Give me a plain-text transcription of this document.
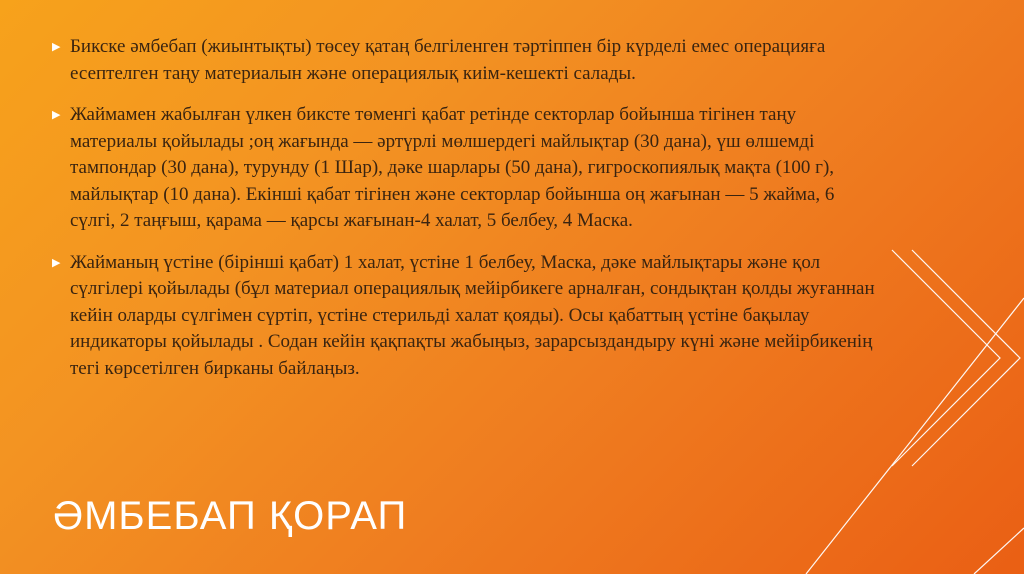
▶ Бикске әмбебап (жиынтықты) төсеу қатаң белгіленген тәртіппен бір күрделі емес операцияға есептелген таңу материалын және операциялық киім-кешекті салады.
▶ Жаймамен жабылған үлкен биксте төменгі қабат ретінде секторлар бойынша тігінен таңу материалы қойылады ;оң жағында — әртүрлі мөлшердегі майлықтар (30 дана), үш өлшемді тампондар (30 дана), турунду (1 Шар), дәке шарлары (50 дана), гигроскопиялық мақта (100 г), майлықтар (10 дана). Екінші қабат тігінен және секторлар бойынша оң жағынан — 5 жайма, 6 сүлгі, 2 таңғыш, қарама — қарсы жағынан-4 халат, 5 белбеу, 4 Маска.
▶ Жайманың үстіне (бірінші қабат) 1 халат, үстіне 1 белбеу, Маска, дәке майлықтары және қол сүлгілері қойылады (бұл материал операциялық мейірбикеге арналған, сондықтан қолды жуғаннан кейін оларды сүлгімен сүртіп, үстіне стерильді халат қояды). Осы қабаттың үстіне бақылау индикаторы қойылады . Содан кейін қақпақты жабыңыз, зарарсыздандыру күні және мейірбикенің тегі көрсетілген бирканы байлаңыз.
ӘМБЕБАП ҚОРАП
